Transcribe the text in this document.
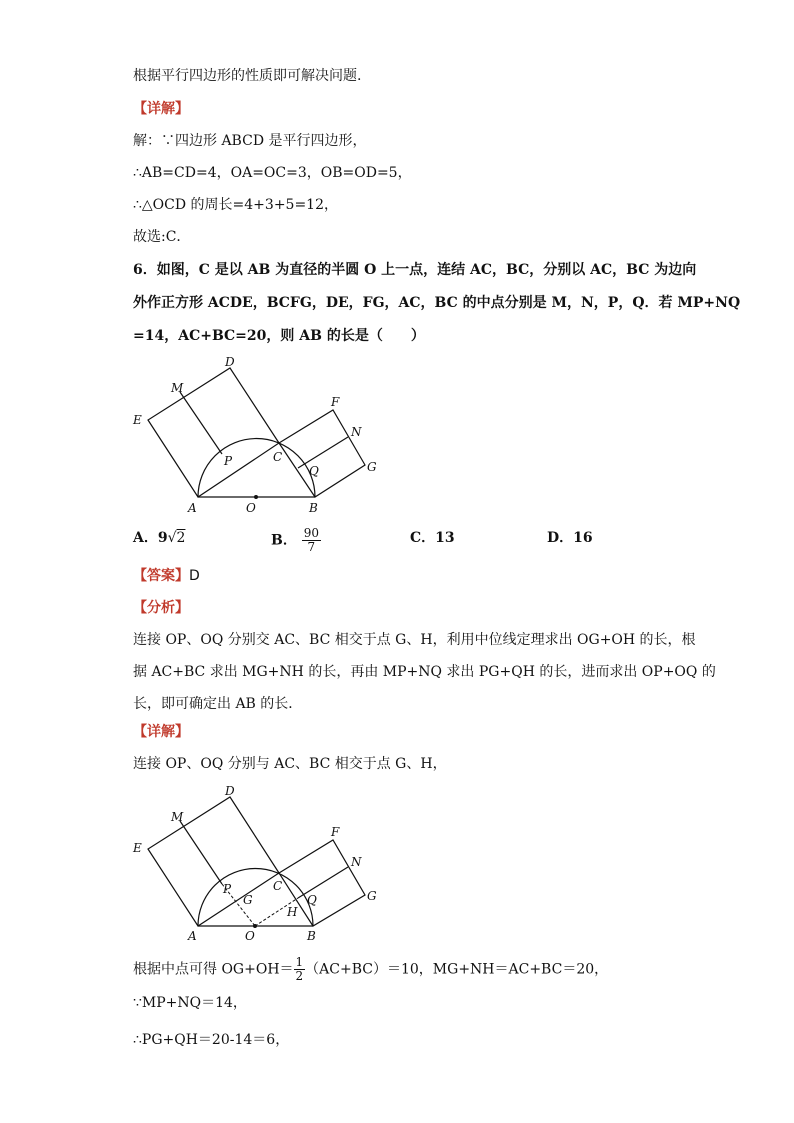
根据平行四边形的性质即可解决问题.
【详解】
解：∵四边形 ABCD 是平行四边形，
∴AB=CD=4，OA=OC=3，OB=OD=5，
∴△OCD 的周长=4+3+5=12，
故选:C．
6．如图，C 是以 AB 为直径的半圆 O 上一点，连结 AC，BC，分别以 AC，BC 为边向
外作正方形 ACDE，BCFG，DE，FG，AC，BC 的中点分别是 M，N，P，Q．若 MP+NQ
=14，AC+BC=20，则 AB 的长是（　　）
A	B
C
D
E
F
G
M
N
O
P
Q
A．9√2	B． $\frac{90}{7}$	C．13	D．16
【答案】D
【分析】
连接 OP、OQ 分别交 AC、BC 相交于点 G、H，利用中位线定理求出 OG+OH 的长，根
据 AC+BC 求出 MG+NH 的长，再由 MP+NQ 求出 PG+QH 的长，进而求出 OP+OQ 的
长，即可确定出 AB 的长．
【详解】
连接 OP、OQ 分别与 AC、BC 相交于点 G、H，
A	B
C
D
E
F
G
M
N
O
P
Q
G
H
根据中点可得 $OG+OH= \frac{1}{2} (AC+BC)=10$，MG+NH＝AC+BC＝20，
∵MP+NQ＝14，
∴PG+QH＝20-14＝6，
